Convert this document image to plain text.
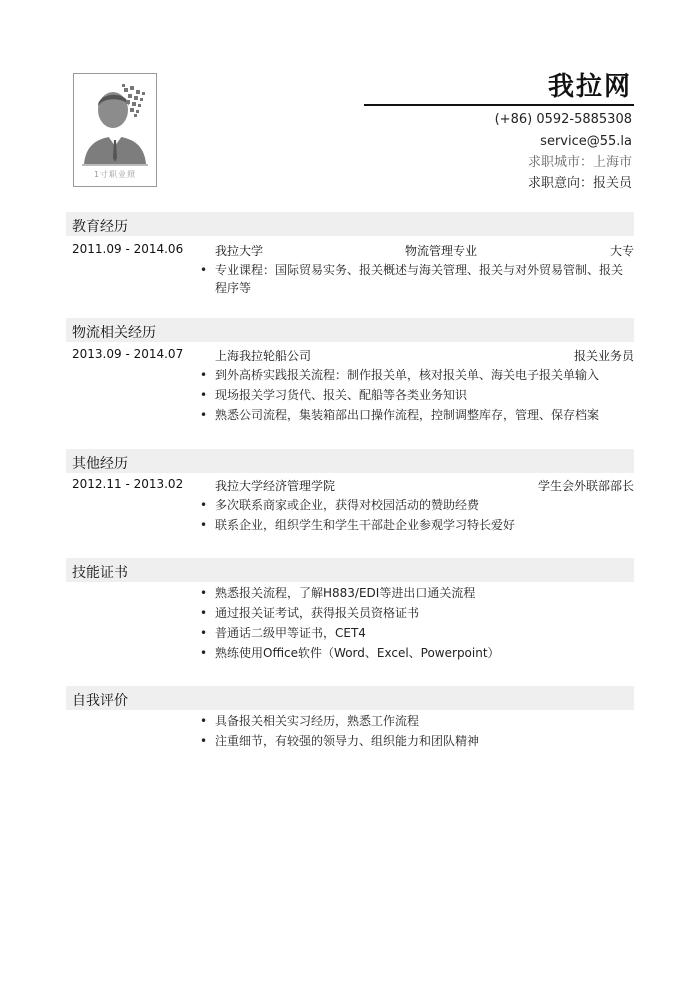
1寸职业照
我拉网
(+86) 0592-5885308
service@55.la
求职城市：上海市
求职意向：报关员
教育经历
2011.09 - 2014.06	我拉大学	物流管理专业	大专
• 专业课程：国际贸易实务、报关概述与海关管理、报关与对外贸易管制、报关程序等
物流相关经历
2013.09 - 2014.07	上海我拉轮船公司	报关业务员
• 到外高桥实践报关流程：制作报关单，核对报关单、海关电子报关单输入
• 现场报关学习货代、报关、配船等各类业务知识
• 熟悉公司流程，集装箱部出口操作流程，控制调整库存，管理、保存档案
其他经历
2012.11 - 2013.02	我拉大学经济管理学院	学生会外联部部长
• 多次联系商家或企业，获得对校园活动的赞助经费
• 联系企业，组织学生和学生干部赴企业参观学习特长爱好
技能证书
• 熟悉报关流程，了解H883/EDI等进出口通关流程
• 通过报关证考试，获得报关员资格证书
• 普通话二级甲等证书，CET4
• 熟练使用Office软件（Word、Excel、Powerpoint）
自我评价
• 具备报关相关实习经历，熟悉工作流程
• 注重细节，有较强的领导力、组织能力和团队精神
